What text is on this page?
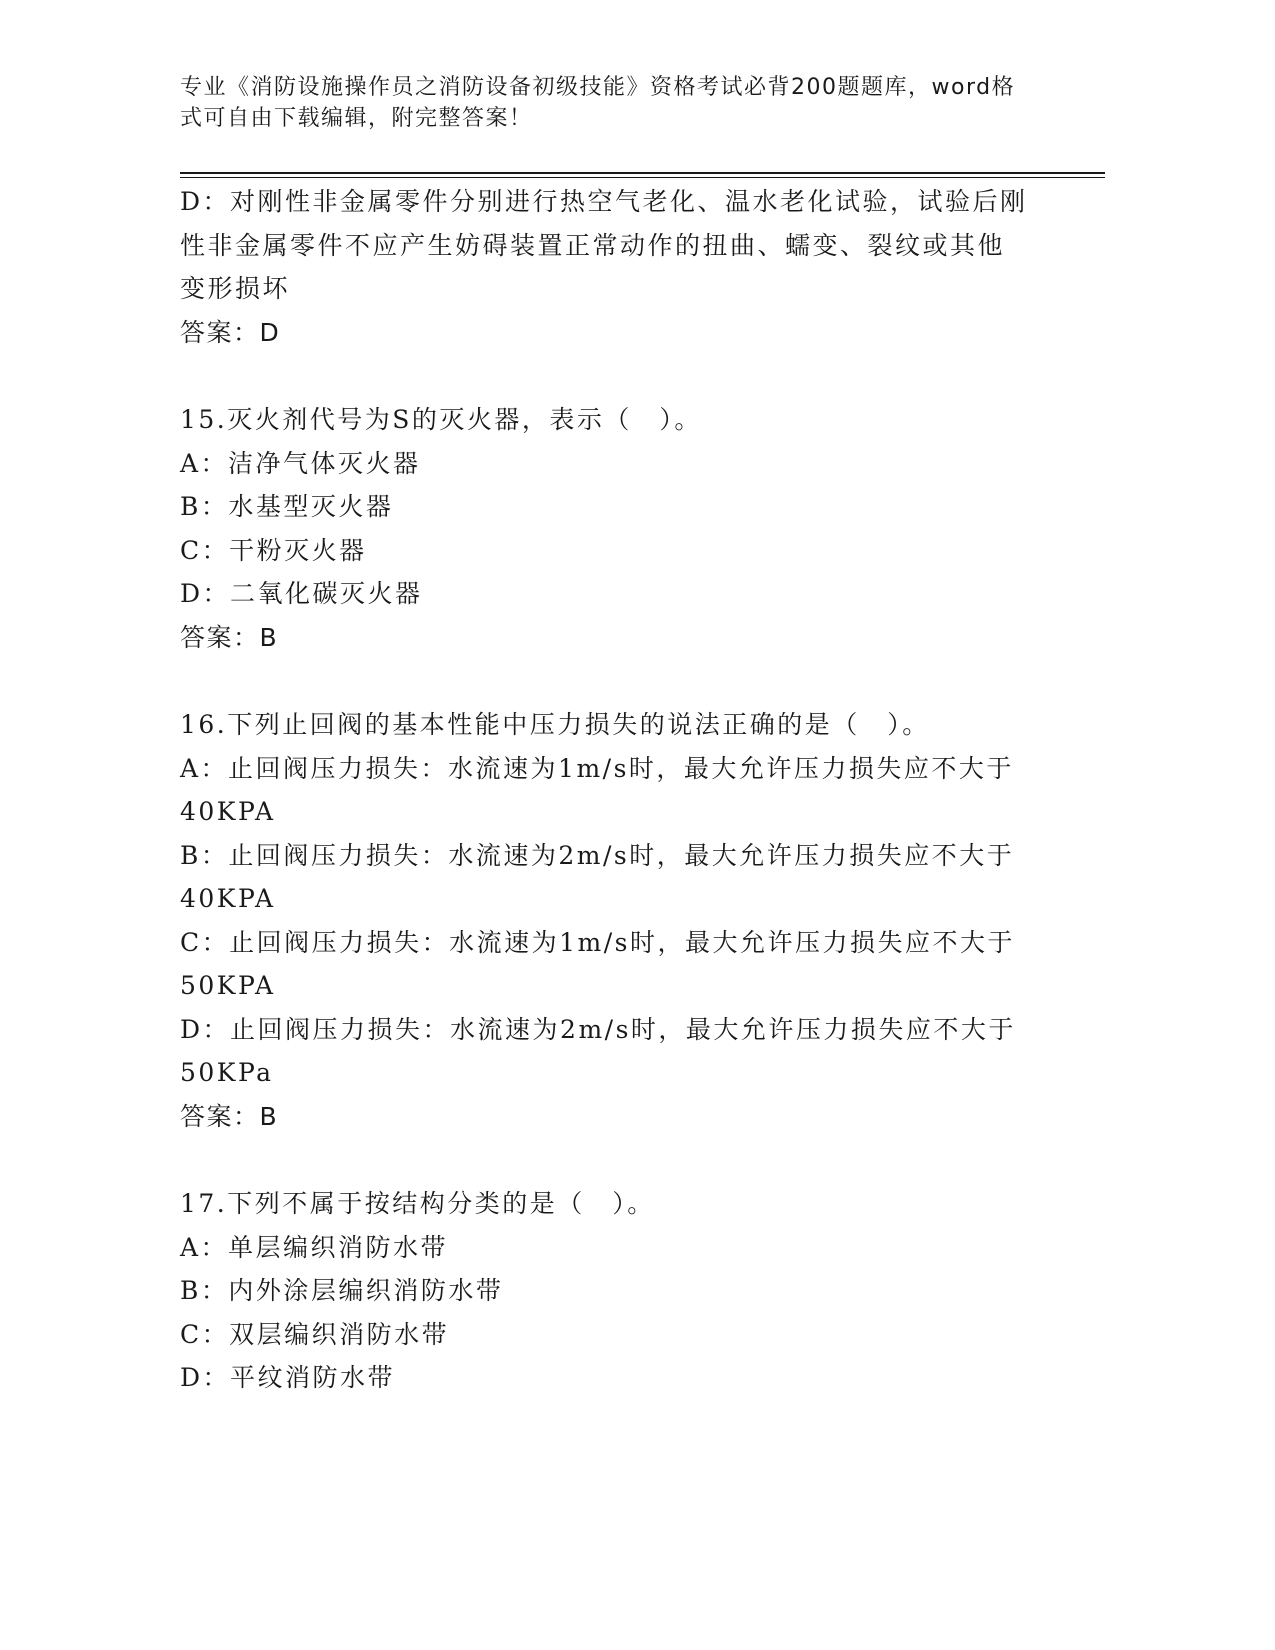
专业《消防设施操作员之消防设备初级技能》资格考试必背200题题库，word格
式可自由下载编辑，附完整答案！
D：对刚性非金属零件分别进行热空气老化、温水老化试验，试验后刚
性非金属零件不应产生妨碍装置正常动作的扭曲、蠕变、裂纹或其他
变形损坏
答案：D
15.灭火剂代号为S的灭火器，表示（　）。
A：洁净气体灭火器
B：水基型灭火器
C：干粉灭火器
D：二氧化碳灭火器
答案：B
16.下列止回阀的基本性能中压力损失的说法正确的是（　）。
A：止回阀压力损失：水流速为1m/s时，最大允许压力损失应不大于
40KPA
B：止回阀压力损失：水流速为2m/s时，最大允许压力损失应不大于
40KPA
C：止回阀压力损失：水流速为1m/s时，最大允许压力损失应不大于
50KPA
D：止回阀压力损失：水流速为2m/s时，最大允许压力损失应不大于
50KPa
答案：B
17.下列不属于按结构分类的是（　）。
A：单层编织消防水带
B：内外涂层编织消防水带
C：双层编织消防水带
D：平纹消防水带
